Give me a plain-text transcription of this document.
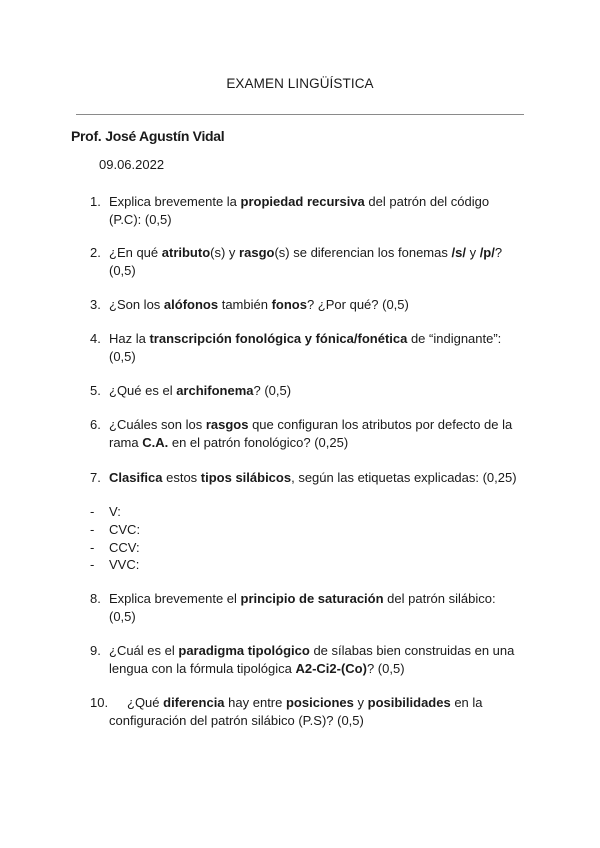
EXAMEN LINGÜÍSTICA
Prof. José Agustín Vidal
09.06.2022
1. Explica brevemente la propiedad recursiva del patrón del código (P.C): (0,5)
2. ¿En qué atributo(s) y rasgo(s) se diferencian los fonemas /s/ y /p/? (0,5)
3. ¿Son los alófonos también fonos? ¿Por qué? (0,5)
4. Haz la transcripción fonológica y fónica/fonética de “indignante”: (0,5)
5. ¿Qué es el archifonema? (0,5)
6. ¿Cuáles son los rasgos que configuran los atributos por defecto de la rama C.A. en el patrón fonológico? (0,25)
7. Clasifica estos tipos silábicos, según las etiquetas explicadas: (0,25)
- V:
- CVC:
- CCV:
- VVC:
8. Explica brevemente el principio de saturación del patrón silábico: (0,5)
9. ¿Cuál es el paradigma tipológico de sílabas bien construidas en una lengua con la fórmula tipológica A2-Ci2-(Co)? (0,5)
10.	¿Qué diferencia hay entre posiciones y posibilidades en la configuración del patrón silábico (P.S)? (0,5)
